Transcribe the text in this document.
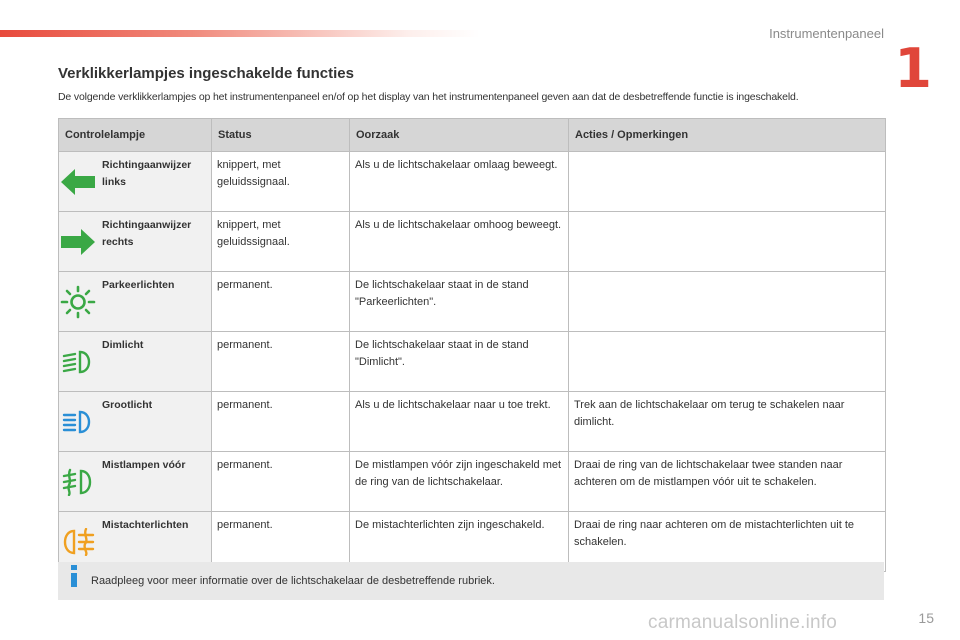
Instrumentenpaneel
1
Verklikkerlampjes ingeschakelde functies
De volgende verklikkerlampjes op het instrumentenpaneel en/of op het display van het instrumentenpaneel geven aan dat de desbetreffende functie is ingeschakeld.
Controlelampje		Status	Oorzaak	Acties / Opmerkingen

	Richtingaanwijzer links	knippert, met geluidssignaal.	Als u de lichtschakelaar omlaag beweegt.	

	Richtingaanwijzer rechts	knippert, met geluidssignaal.	Als u de lichtschakelaar omhoog beweegt.	

	Parkeerlichten	permanent.	De lichtschakelaar staat in de stand "Parkeerlichten".	

	Dimlicht	permanent.	De lichtschakelaar staat in de stand "Dimlicht".	

	Grootlicht	permanent.	Als u de lichtschakelaar naar u toe trekt.	Trek aan de lichtschakelaar om terug te schakelen naar dimlicht.

	Mistlampen vóór	permanent.	De mistlampen vóór zijn ingeschakeld met de ring van de lichtschakelaar.	Draai de ring van de lichtschakelaar twee standen naar achteren om de mistlampen vóór uit te schakelen.

	Mistachterlichten	permanent.	De mistachterlichten zijn ingeschakeld.	Draai de ring naar achteren om de mistachterlichten uit te schakelen.
Raadpleeg voor meer informatie over de lichtschakelaar de desbetreffende rubriek.
15
carmanualsonline.info
